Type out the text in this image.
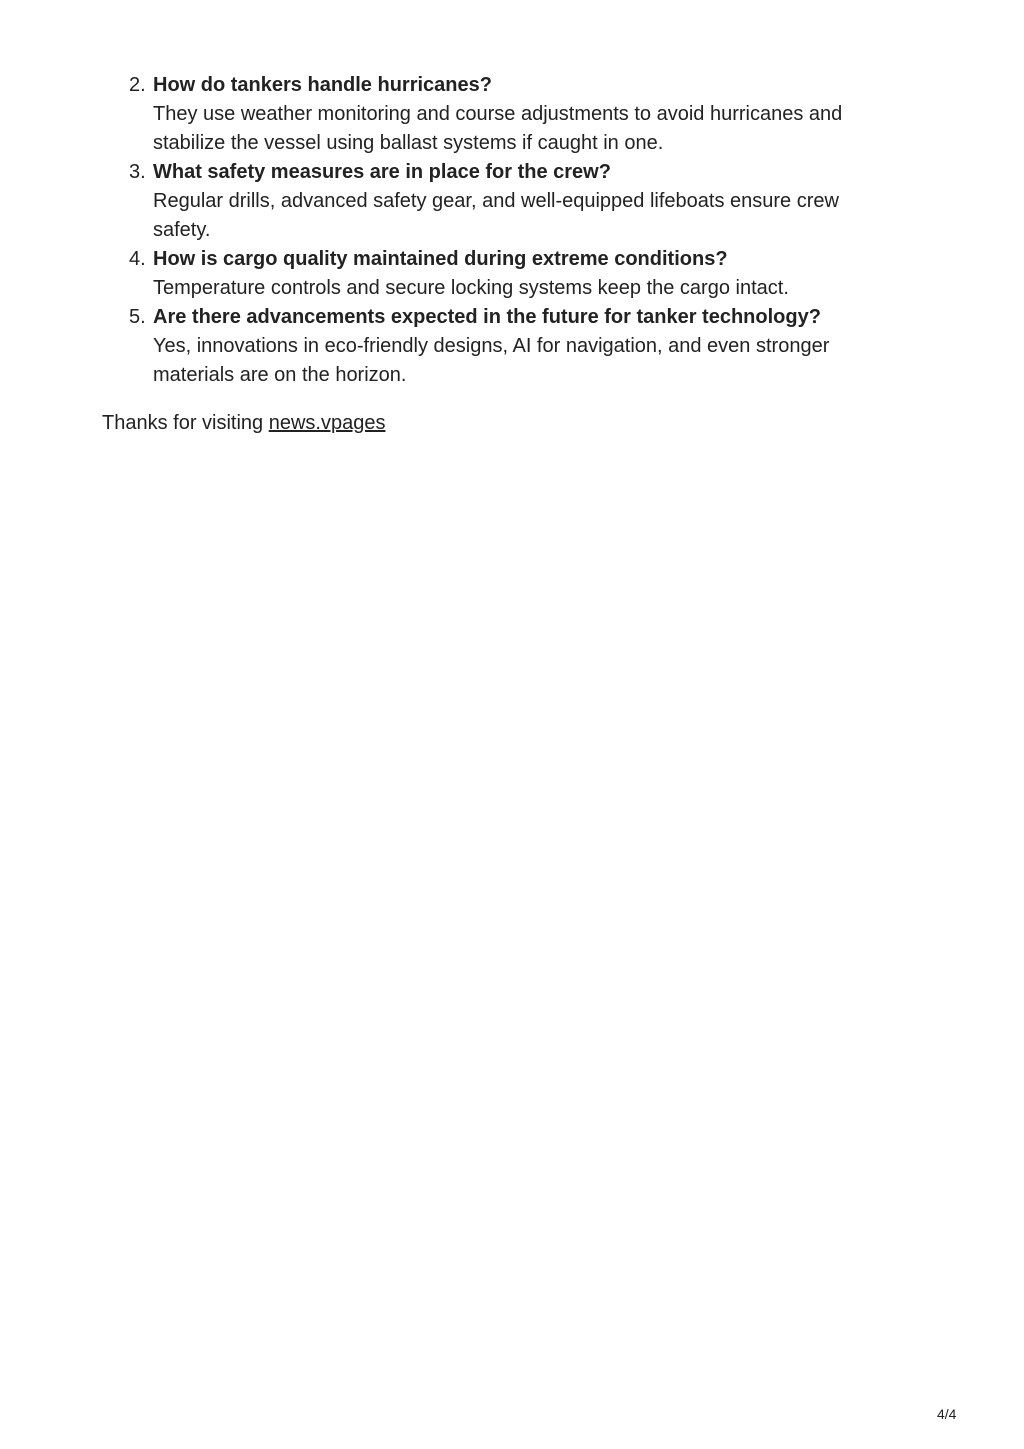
2. How do tankers handle hurricanes?
They use weather monitoring and course adjustments to avoid hurricanes and stabilize the vessel using ballast systems if caught in one.
3. What safety measures are in place for the crew?
Regular drills, advanced safety gear, and well-equipped lifeboats ensure crew safety.
4. How is cargo quality maintained during extreme conditions?
Temperature controls and secure locking systems keep the cargo intact.
5. Are there advancements expected in the future for tanker technology?
Yes, innovations in eco-friendly designs, AI for navigation, and even stronger materials are on the horizon.

Thanks for visiting news.vpages

4/4
